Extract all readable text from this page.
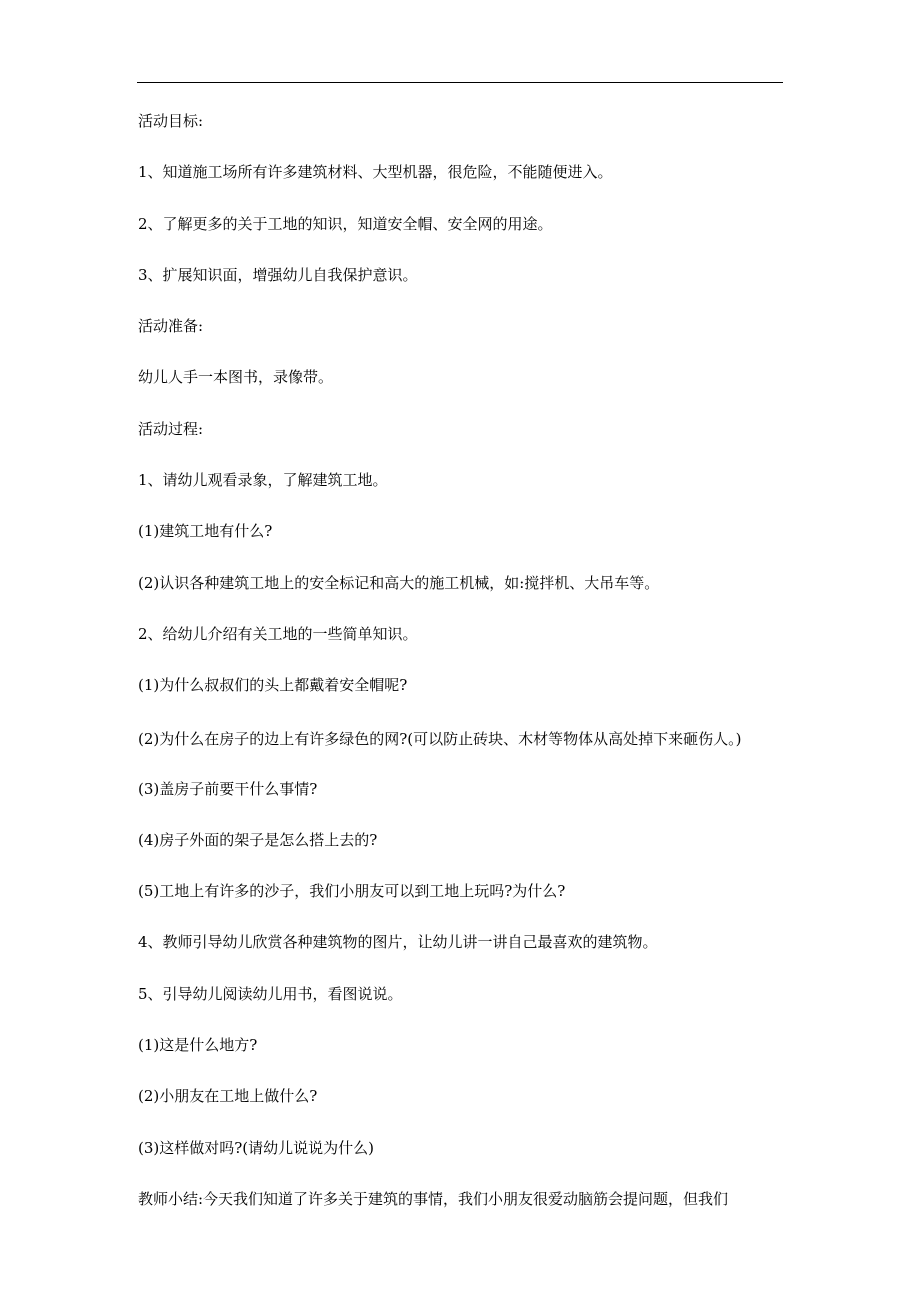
活动目标:
1、知道施工场所有许多建筑材料、大型机器，很危险，不能随便进入。
2、了解更多的关于工地的知识，知道安全帽、安全网的用途。
3、扩展知识面，增强幼儿自我保护意识。
活动准备:
幼儿人手一本图书，录像带。
活动过程:
1、请幼儿观看录象，了解建筑工地。
(1)建筑工地有什么?
(2)认识各种建筑工地上的安全标记和高大的施工机械，如:搅拌机、大吊车等。
2、给幼儿介绍有关工地的一些简单知识。
(1)为什么叔叔们的头上都戴着安全帽呢?
(2)为什么在房子的边上有许多绿色的网?(可以防止砖块、木材等物体从高处掉下来砸伤人。)
(3)盖房子前要干什么事情?
(4)房子外面的架子是怎么搭上去的?
(5)工地上有许多的沙子，我们小朋友可以到工地上玩吗?为什么?
4、教师引导幼儿欣赏各种建筑物的图片，让幼儿讲一讲自己最喜欢的建筑物。
5、引导幼儿阅读幼儿用书，看图说说。
(1)这是什么地方?
(2)小朋友在工地上做什么?
(3)这样做对吗?(请幼儿说说为什么)
教师小结:今天我们知道了许多关于建筑的事情，我们小朋友很爱动脑筋会提问题，但我们
